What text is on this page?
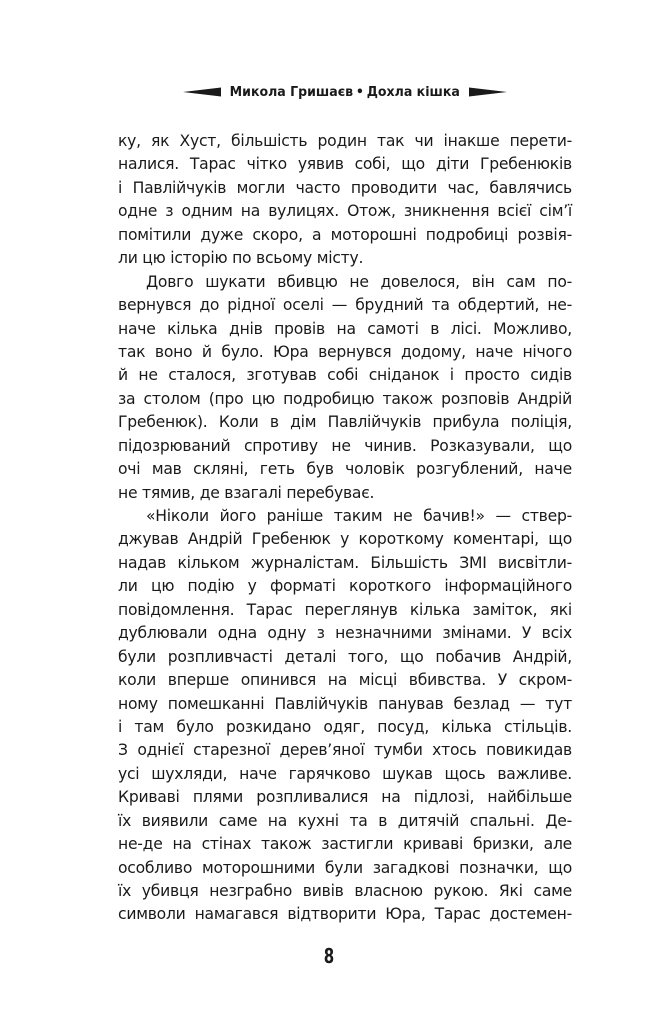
Микола Гришаєв • Дохла кішка
ку, як Хуст, більшість родин так чи інакше перети-
налися. Тарас чітко уявив собі, що діти Гребенюків
і Павлійчуків могли часто проводити час, бавлячись
одне з одним на вулицях. Отож, зникнення всієї сім’ї
помітили дуже скоро, а моторошні подробиці розвія-
ли цю історію по всьому місту.
Довго шукати вбивцю не довелося, він сам по-
вернувся до рідної оселі — брудний та обдертий, не-
наче кілька днів провів на самоті в лісі. Можливо,
так воно й було. Юра вернувся додому, наче нічого
й не сталося, зготував собі сніданок і просто сидів
за столом (про цю подробицю також розповів Андрій
Гребенюк). Коли в дім Павлійчуків прибула поліція,
підозрюваний спротиву не чинив. Розказували, що
очі мав скляні, геть був чоловік розгублений, наче
не тямив, де взагалі перебуває.
«Ніколи його раніше таким не бачив!» — ствер-
джував Андрій Гребенюк у короткому коментарі, що
надав кільком журналістам. Більшість ЗМІ висвітли-
ли цю подію у форматі короткого інформаційного
повідомлення. Тарас переглянув кілька заміток, які
дублювали одна одну з незначними змінами. У всіх
були розпливчасті деталі того, що побачив Андрій,
коли вперше опинився на місці вбивства. У скром-
ному помешканні Павлійчуків панував безлад — тут
і там було розкидано одяг, посуд, кілька стільців.
З однієї старезної дерев’яної тумби хтось повикидав
усі шухляди, наче гарячково шукав щось важливе.
Криваві плями розпливалися на підлозі, найбільше
їх виявили саме на кухні та в дитячій спальні. Де-
не-де на стінах також застигли криваві бризки, але
особливо моторошними були загадкові позначки, що
їх убивця незграбно вивів власною рукою. Які саме
символи намагався відтворити Юра, Тарас достемен-
8
